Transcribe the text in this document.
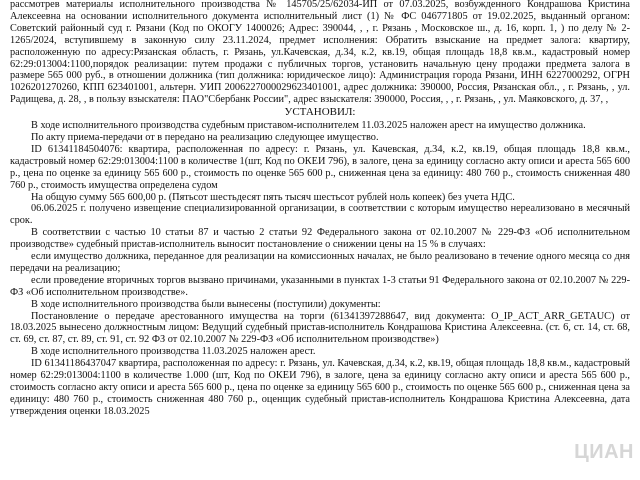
рассмотрев материалы исполнительного производства № 145705/25/62034-ИП от 07.03.2025, возбужденного Кондрашова Кристина Алексеевна на основании исполнительного документа исполнительный лист (1) № ФС 046771805 от 19.02.2025, выданный органом: Советский районный суд г. Рязани (Код по ОКОГУ 1400026; Адрес: 390044, , , г. Рязань , Московское ш., д. 16, корп. 1, ) по делу № 2-1265/2024, вступившему в законную силу 23.11.2024, предмет исполнения: Обратить взыскание на предмет залога: квартиру, расположенную по адресу:Рязанская область, г. Рязань, ул.Качевская, д.34, к.2, кв.19, общая площадь 18,8 кв.м., кадастровый номер 62:29:013004:1100,порядок реализации: путем продажи с публичных торгов, установить начальную цену продажи предмета залога в размере 565 000 руб., в отношении должника (тип должника: юридическое лицо): Администрация города Рязани, ИНН 6227000292, ОГРН 1026201270260, КПП 623401001, альтерн. УИП 2006227000029623401001, адрес должника: 390000, Россия, Рязанская обл., , г. Рязань, , ул. Радищева, д. 28, , в пользу взыскателя: ПАО"Сбербанк России", адрес взыскателя: 390000, Россия, , , г. Рязань, , ул. Маяковского, д. 37, ,

УСТАНОВИЛ:

В ходе исполнительного производства судебным приставом-исполнителем 11.03.2025 наложен арест на имущество должника.

По акту приема-передачи от в передано на реализацию следующее имущество.

ID 61341184504076: квартира, расположенная по адресу: г. Рязань, ул. Качевская, д.34, к.2, кв.19, общая площадь 18,8 кв.м., кадастровый номер 62:29:013004:1100 в количестве 1(шт, Код по ОКЕИ 796), в залоге, цена за единицу согласно акту описи и ареста 565 600 р., цена по оценке за единицу 565 600 р., стоимость по оценке 565 600 р., сниженная цена за единицу: 480 760 р., стоимость сниженная 480 760 р., стоимость имущества определена судом

На общую сумму 565 600,00 р. (Пятьсот шестьдесят пять тысяч шестьсот рублей ноль копеек) без учета НДС.

06.06.2025 г. получено извещение специализированной организации, в соответствии с которым имущество нереализовано в месячный срок.

В соответствии с частью 10 статьи 87 и частью 2 статьи 92 Федерального закона от 02.10.2007 № 229-ФЗ «Об исполнительном производстве» судебный пристав-исполнитель выносит постановление о снижении цены на 15 % в случаях:

если имущество должника, переданное для реализации на комиссионных началах, не было реализовано в течение одного месяца со дня передачи на реализацию;

если проведение вторичных торгов вызвано причинами, указанными в пунктах 1-3 статьи 91 Федерального закона от 02.10.2007 № 229-ФЗ «Об исполнительном производстве».

В ходе исполнительного производства были вынесены (поступили) документы:

Постановление о передаче арестованного имущества на торги (61341397288647, вид документа: O_IP_ACT_ARR_GETAUC) от 18.03.2025 вынесено должностным лицом: Ведущий судебный пристав-исполнитель Кондрашова Кристина Алексеевна. (ст. 6, ст. 14, ст. 68, ст. 69, ст. 87, ст. 89, ст. 91, ст. 92 ФЗ от 02.10.2007 № 229-ФЗ «Об исполнительном производстве»)

В ходе исполнительного производства 11.03.2025 наложен арест.

ID 61341186437047 квартира, расположенная по адресу: г. Рязань, ул. Качевская, д.34, к.2, кв.19, общая площадь 18,8 кв.м., кадастровый номер 62:29:013004:1100 в количестве 1.000 (шт, Код по ОКЕИ 796), в залоге, цена за единицу согласно акту описи и ареста 565 600 р., стоимость согласно акту описи и ареста 565 600 р., цена по оценке за единицу 565 600 р., стоимость по оценке 565 600 р., сниженная цена за единицу: 480 760 р., стоимость сниженная 480 760 р., оценщик судебный пристав-исполнитель Кондрашова Кристина Алексеевна, дата утверждения оценки 18.03.2025

ЦИАН
